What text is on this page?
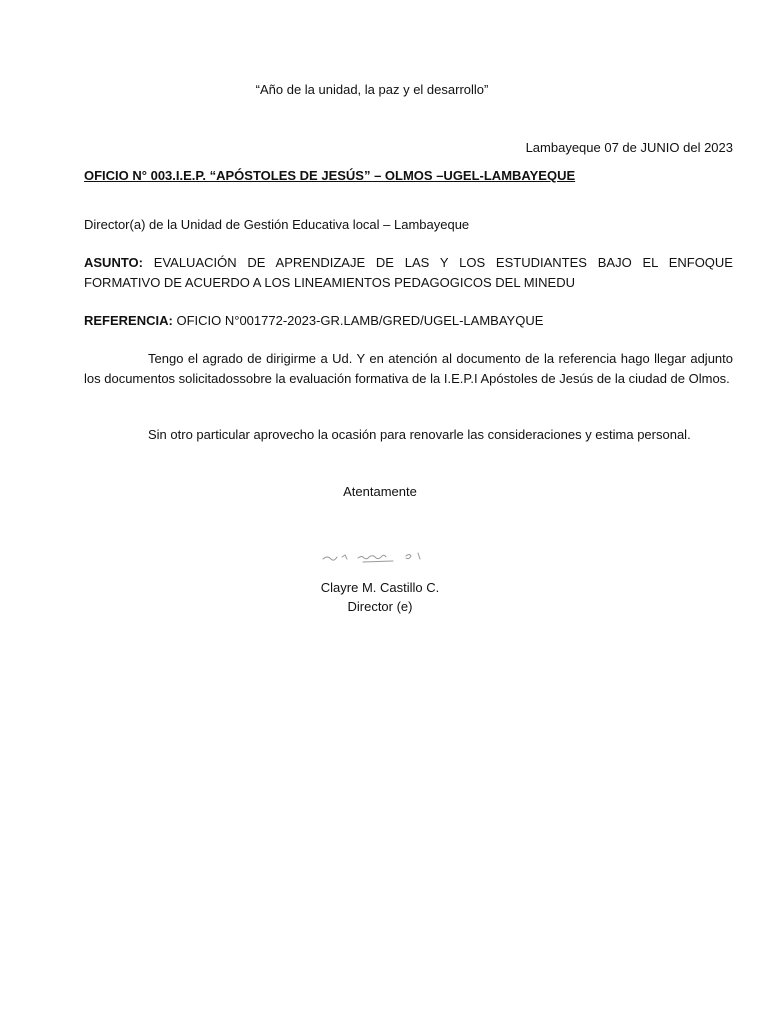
“Año de la unidad, la paz y el desarrollo”
Lambayeque 07 de JUNIO del 2023
OFICIO N° 003.I.E.P. “APÓSTOLES DE JESÚS” – OLMOS –UGEL-LAMBAYEQUE
Director(a) de la Unidad de Gestión Educativa local – Lambayeque
ASUNTO: EVALUACIÓN DE APRENDIZAJE DE LAS Y LOS ESTUDIANTES BAJO EL ENFOQUE FORMATIVO DE ACUERDO A LOS LINEAMIENTOS PEDAGOGICOS DEL MINEDU
REFERENCIA: OFICIO N°001772-2023-GR.LAMB/GRED/UGEL-LAMBAYQUE
Tengo el agrado de dirigirme a Ud. Y en atención al documento de la referencia hago llegar adjunto los documentos solicitadossobre la evaluación formativa de la I.E.P.I Apóstoles de Jesús de la ciudad de Olmos.
Sin otro particular aprovecho la ocasión para renovarle las consideraciones y estima personal.
Atentamente
Clayre M. Castillo C.
Director (e)
